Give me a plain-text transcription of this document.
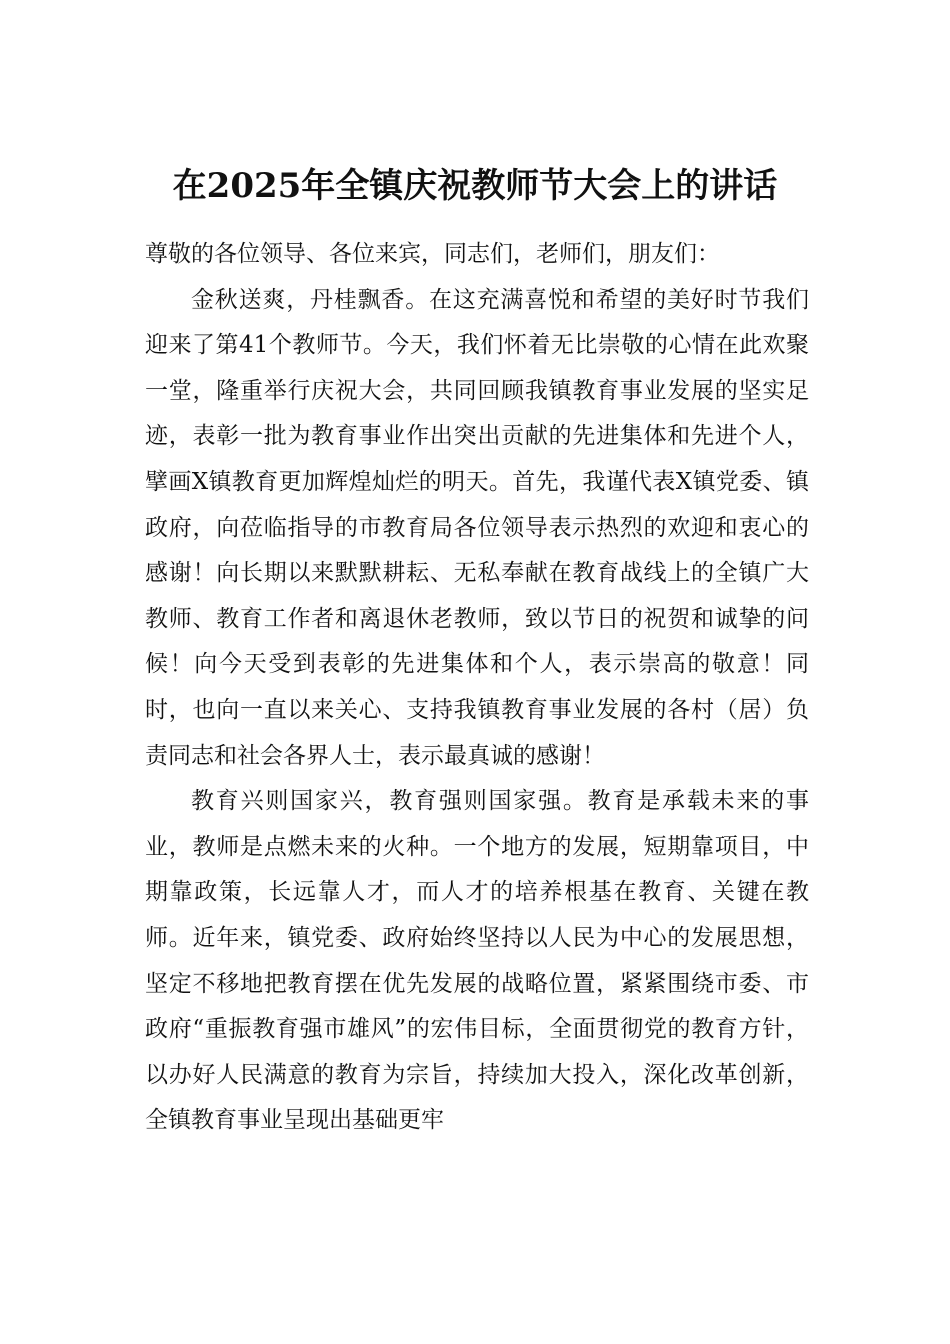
在2025年全镇庆祝教师节大会上的讲话

尊敬的各位领导、各位来宾，同志们，老师们，朋友们：

金秋送爽，丹桂飘香。在这充满喜悦和希望的美好时节我们迎来了第41个教师节。今天，我们怀着无比崇敬的心情在此欢聚一堂，隆重举行庆祝大会，共同回顾我镇教育事业发展的坚实足迹，表彰一批为教育事业作出突出贡献的先进集体和先进个人，擘画X镇教育更加辉煌灿烂的明天。首先，我谨代表X镇党委、镇政府，向莅临指导的市教育局各位领导表示热烈的欢迎和衷心的感谢！向长期以来默默耕耘、无私奉献在教育战线上的全镇广大教师、教育工作者和离退休老教师，致以节日的祝贺和诚挚的问候！向今天受到表彰的先进集体和个人，表示崇高的敬意！同时，也向一直以来关心、支持我镇教育事业发展的各村（居）负责同志和社会各界人士，表示最真诚的感谢！

教育兴则国家兴，教育强则国家强。教育是承载未来的事业，教师是点燃未来的火种。一个地方的发展，短期靠项目，中期靠政策，长远靠人才，而人才的培养根基在教育、关键在教师。近年来，镇党委、政府始终坚持以人民为中心的发展思想，坚定不移地把教育摆在优先发展的战略位置，紧紧围绕市委、市政府“重振教育强市雄风”的宏伟目标，全面贯彻党的教育方针，以办好人民满意的教育为宗旨，持续加大投入，深化改革创新，全镇教育事业呈现出基础更牢
